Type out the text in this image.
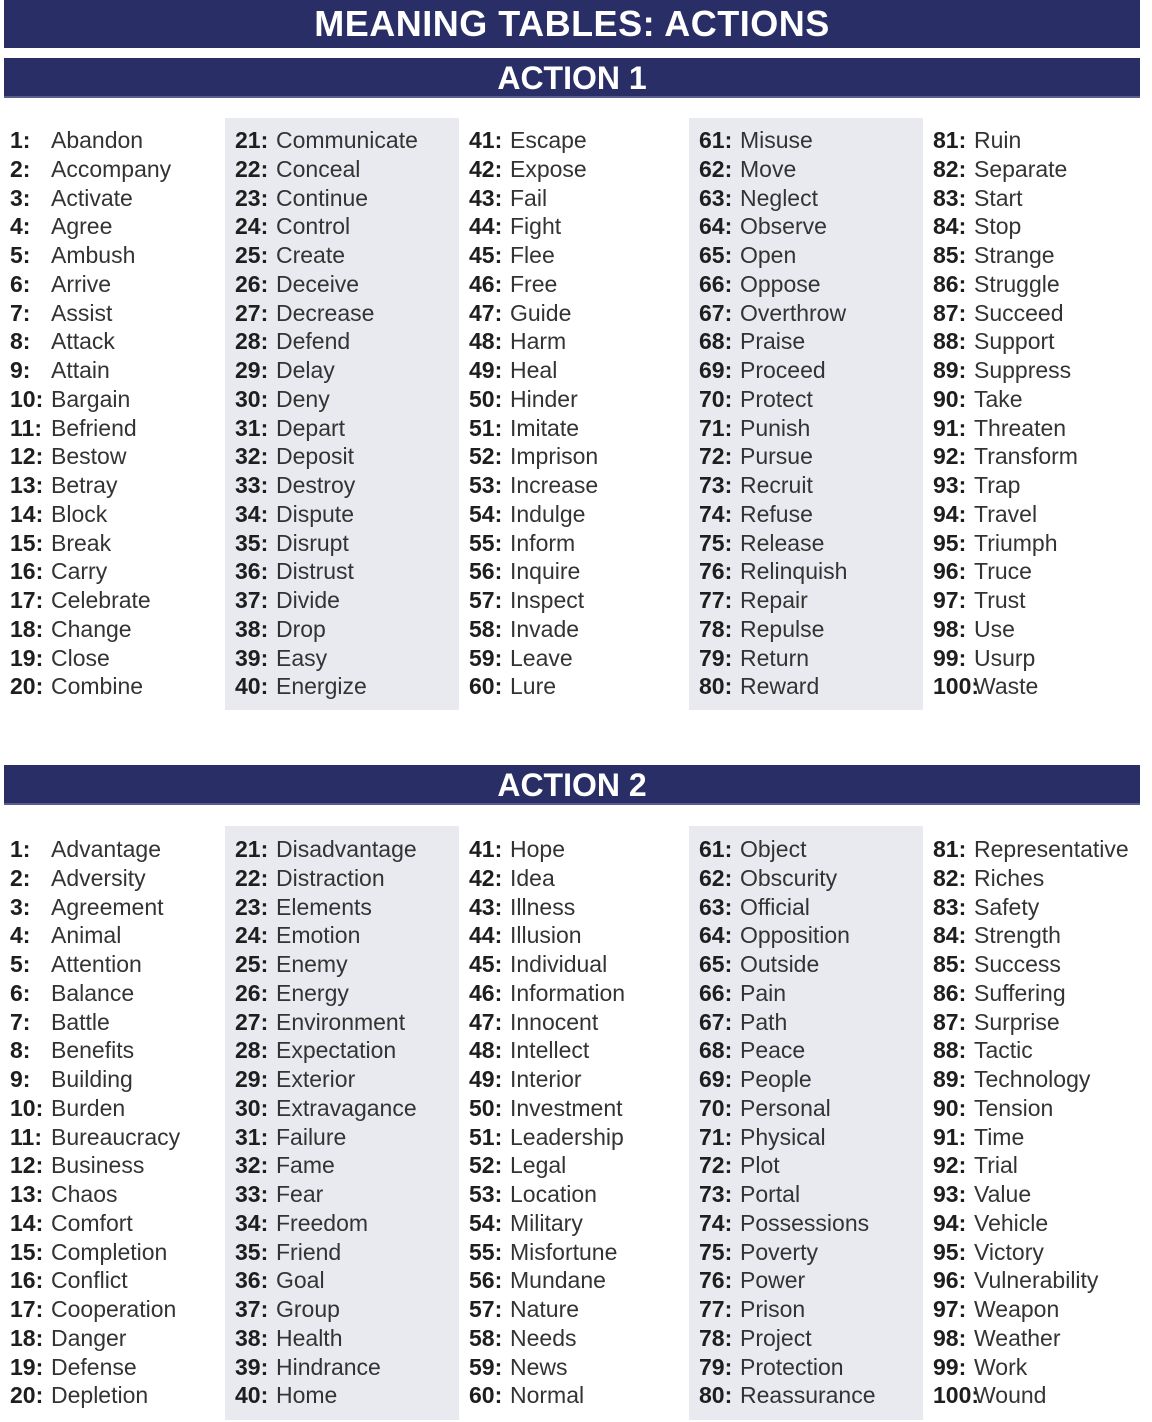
MEANING TABLES: ACTIONS
ACTION 1
1: Abandon
2: Accompany
3: Activate
4: Agree
5: Ambush
6: Arrive
7: Assist
8: Attack
9: Attain
10: Bargain
11: Befriend
12: Bestow
13: Betray
14: Block
15: Break
16: Carry
17: Celebrate
18: Change
19: Close
20: Combine
21: Communicate
22: Conceal
23: Continue
24: Control
25: Create
26: Deceive
27: Decrease
28: Defend
29: Delay
30: Deny
31: Depart
32: Deposit
33: Destroy
34: Dispute
35: Disrupt
36: Distrust
37: Divide
38: Drop
39: Easy
40: Energize
41: Escape
42: Expose
43: Fail
44: Fight
45: Flee
46: Free
47: Guide
48: Harm
49: Heal
50: Hinder
51: Imitate
52: Imprison
53: Increase
54: Indulge
55: Inform
56: Inquire
57: Inspect
58: Invade
59: Leave
60: Lure
61: Misuse
62: Move
63: Neglect
64: Observe
65: Open
66: Oppose
67: Overthrow
68: Praise
69: Proceed
70: Protect
71: Punish
72: Pursue
73: Recruit
74: Refuse
75: Release
76: Relinquish
77: Repair
78: Repulse
79: Return
80: Reward
81: Ruin
82: Separate
83: Start
84: Stop
85: Strange
86: Struggle
87: Succeed
88: Support
89: Suppress
90: Take
91: Threaten
92: Transform
93: Trap
94: Travel
95: Triumph
96: Truce
97: Trust
98: Use
99: Usurp
100:Waste
ACTION 2
1: Advantage
2: Adversity
3: Agreement
4: Animal
5: Attention
6: Balance
7: Battle
8: Benefits
9: Building
10: Burden
11: Bureaucracy
12: Business
13: Chaos
14: Comfort
15: Completion
16: Conflict
17: Cooperation
18: Danger
19: Defense
20: Depletion
21: Disadvantage
22: Distraction
23: Elements
24: Emotion
25: Enemy
26: Energy
27: Environment
28: Expectation
29: Exterior
30: Extravagance
31: Failure
32: Fame
33: Fear
34: Freedom
35: Friend
36: Goal
37: Group
38: Health
39: Hindrance
40: Home
41: Hope
42: Idea
43: Illness
44: Illusion
45: Individual
46: Information
47: Innocent
48: Intellect
49: Interior
50: Investment
51: Leadership
52: Legal
53: Location
54: Military
55: Misfortune
56: Mundane
57: Nature
58: Needs
59: News
60: Normal
61: Object
62: Obscurity
63: Official
64: Opposition
65: Outside
66: Pain
67: Path
68: Peace
69: People
70: Personal
71: Physical
72: Plot
73: Portal
74: Possessions
75: Poverty
76: Power
77: Prison
78: Project
79: Protection
80: Reassurance
81: Representative
82: Riches
83: Safety
84: Strength
85: Success
86: Suffering
87: Surprise
88: Tactic
89: Technology
90: Tension
91: Time
92: Trial
93: Value
94: Vehicle
95: Victory
96: Vulnerability
97: Weapon
98: Weather
99: Work
100:Wound
